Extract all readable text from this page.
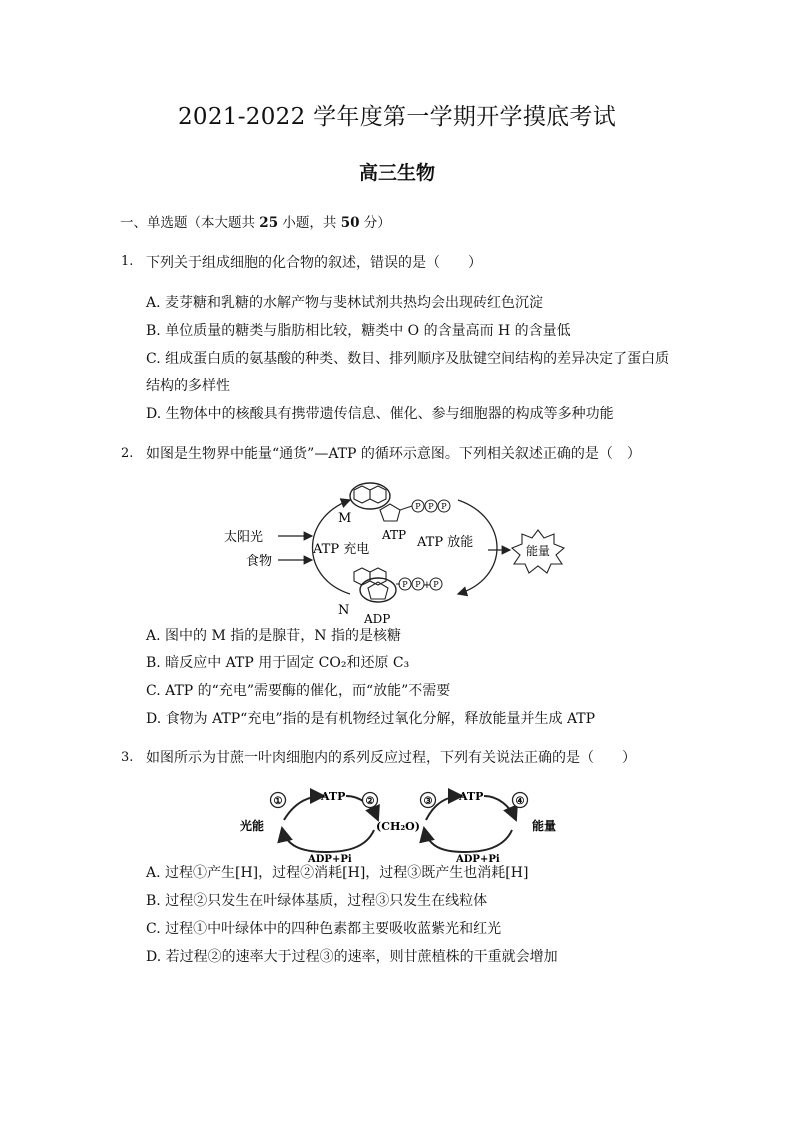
2021-2022 学年度第一学期开学摸底考试
高三生物
一、单选题（本大题共 25 小题，共 50 分）
1. 下列关于组成细胞的化合物的叙述，错误的是（　　）
A. 麦芽糖和乳糖的水解产物与斐林试剂共热均会出现砖红色沉淀
B. 单位质量的糖类与脂肪相比较，糖类中 O 的含量高而 H 的含量低
C. 组成蛋白质的氨基酸的种类、数目、排列顺序及肽键空间结构的差异决定了蛋白质
结构的多样性
D. 生物体中的核酸具有携带遗传信息、催化、参与细胞器的构成等多种功能
2. 如图是生物界中能量“通货”—ATP 的循环示意图。下列相关叙述正确的是（　）
P P P
P P + P
太阳光
食物
ATP 充电	ATP 放能
能量
M
N
ATP
ADP
A. 图中的 M 指的是腺苷，N 指的是核糖
B. 暗反应中 ATP 用于固定 CO₂和还原 C₃
C. ATP 的“充电”需要酶的催化，而“放能”不需要
D. 食物为 ATP“充电”指的是有机物经过氧化分解，释放能量并生成 ATP
3. 如图所示为甘蔗一叶肉细胞内的系列反应过程，下列有关说法正确的是（　　）
①	②	③	④
光能
ATP	ATP
(CH₂O)	能量
ADP+Pi	ADP+Pi
A. 过程①产生[H]，过程②消耗[H]，过程③既产生也消耗[H]
B. 过程②只发生在叶绿体基质，过程③只发生在线粒体
C. 过程①中叶绿体中的四种色素都主要吸收蓝紫光和红光
D. 若过程②的速率大于过程③的速率，则甘蔗植株的干重就会增加
